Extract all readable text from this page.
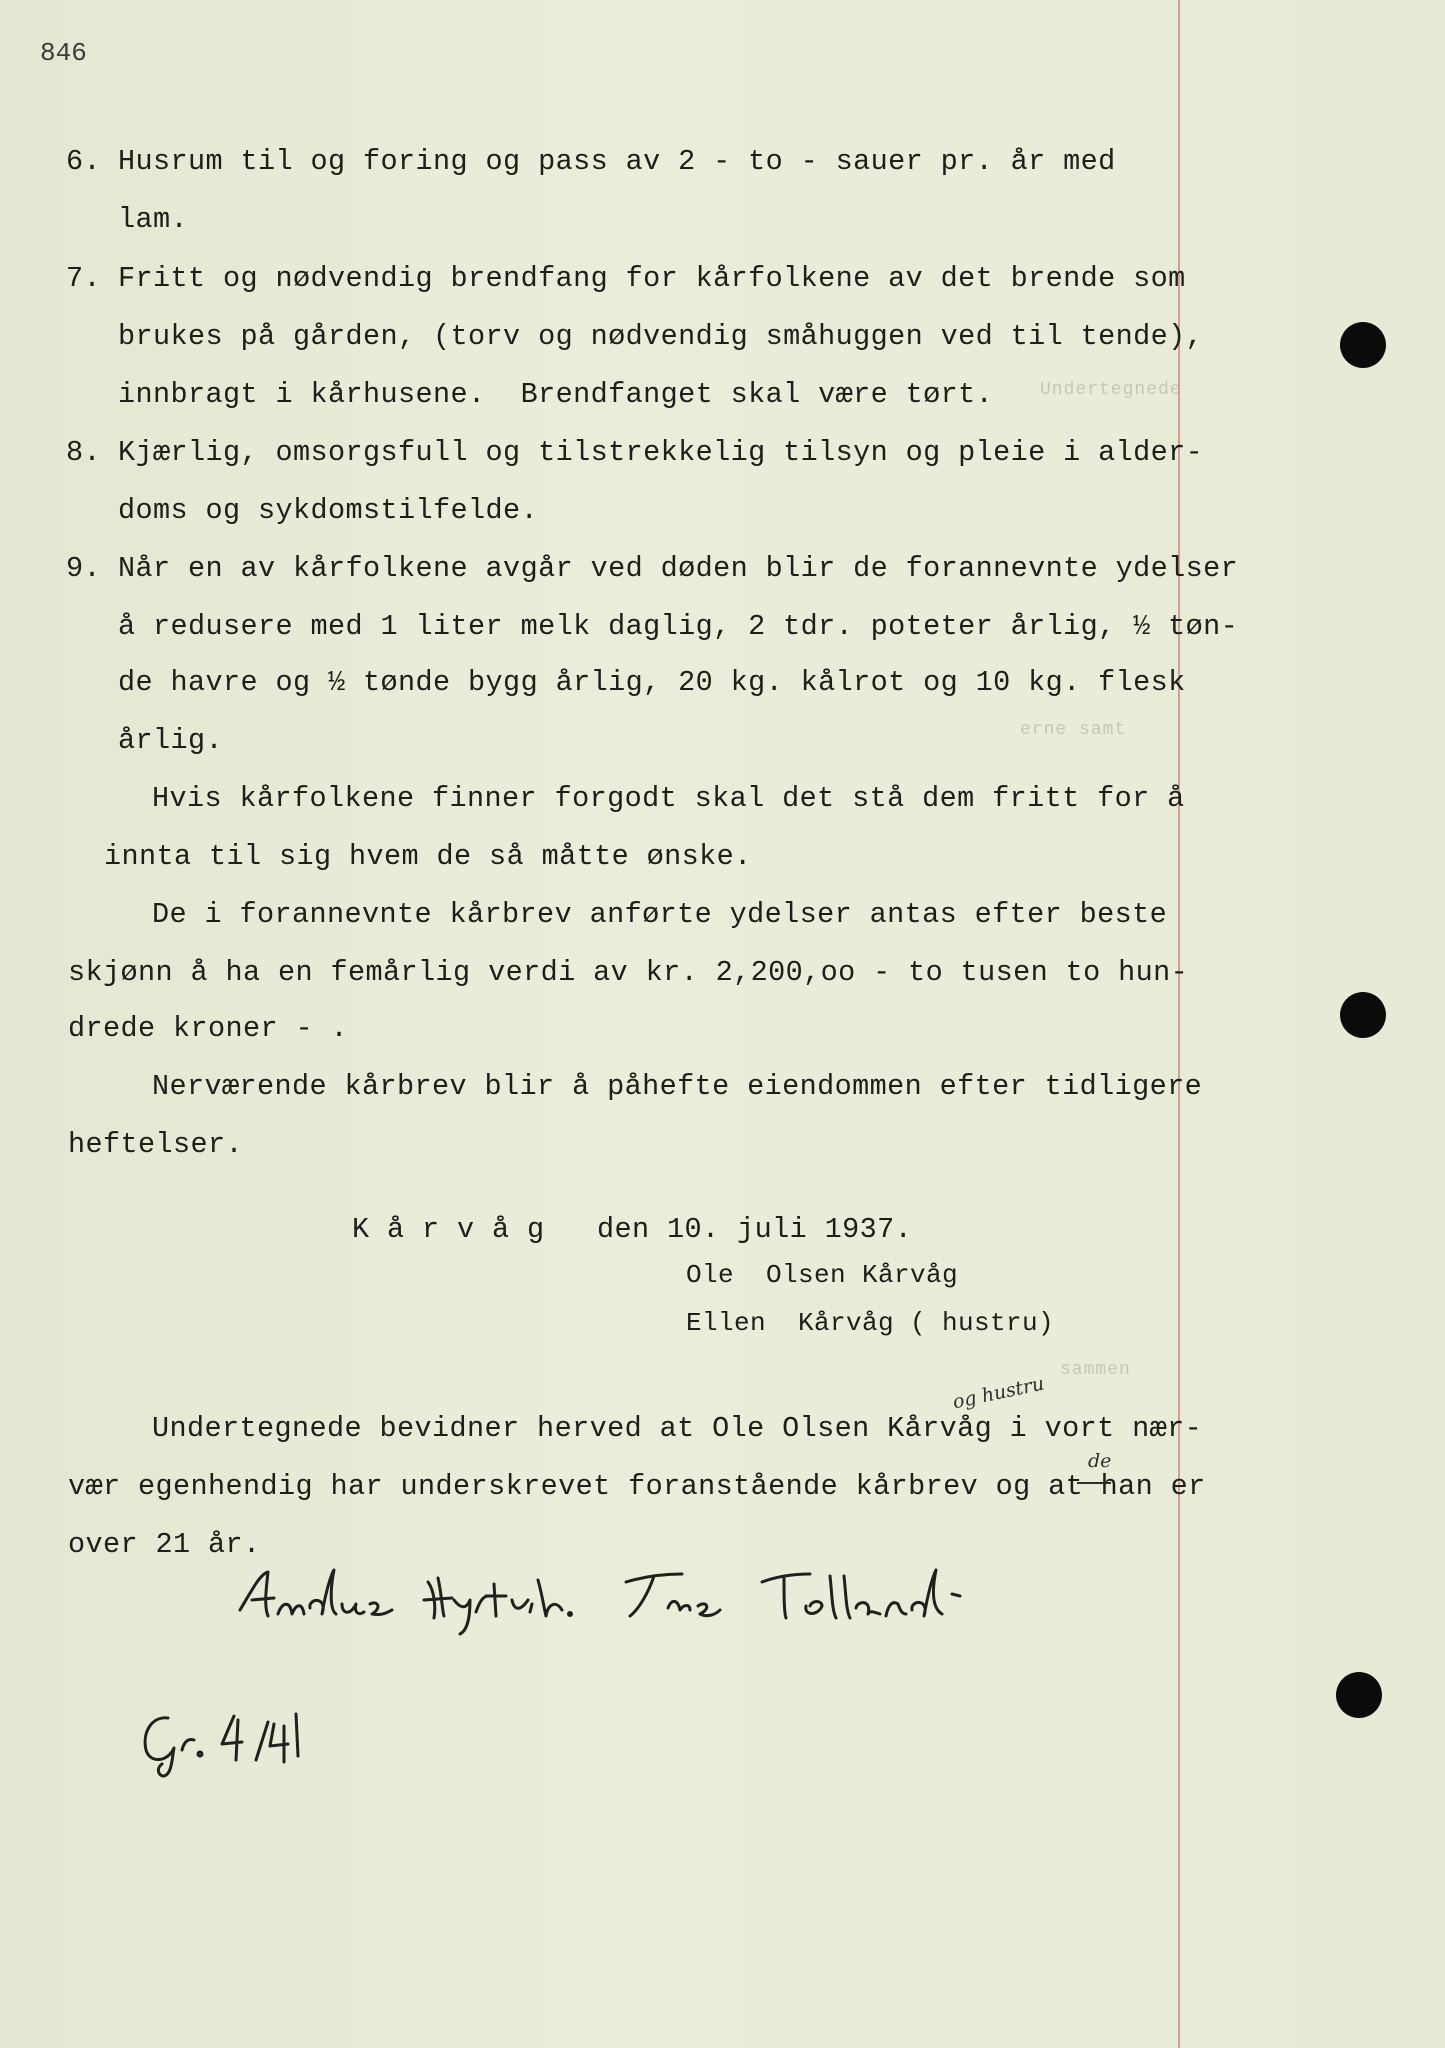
Undertegnede
erne samt
sammen
846
6. Husrum til og foring og pass av 2 - to - sauer pr. år med
lam.
7. Fritt og nødvendig brendfang for kårfolkene av det brende som
brukes på gården, (torv og nødvendig småhuggen ved til tende),
innbragt i kårhusene.  Brendfanget skal være tørt.
8. Kjærlig, omsorgsfull og tilstrekkelig tilsyn og pleie i alder-
doms og sykdomstilfelde.
9. Når en av kårfolkene avgår ved døden blir de forannevnte ydelser
å redusere med 1 liter melk daglig, 2 tdr. poteter årlig, ½ tøn-
de havre og ½ tønde bygg årlig, 20 kg. kålrot og 10 kg. flesk
årlig.
Hvis kårfolkene finner forgodt skal det stå dem fritt for å
innta til sig hvem de så måtte ønske.
De i forannevnte kårbrev anførte ydelser antas efter beste
skjønn å ha en femårlig verdi av kr. 2,200,oo - to tusen to hun-
drede kroner - .
Nerværende kårbrev blir å påhefte eiendommen efter tidligere
heftelser.
K å r v å g   den 10. juli 1937.
Ole  Olsen Kårvåg
Ellen  Kårvåg ( hustru)
Undertegnede bevidner herved at Ole Olsen Kårvåg i vort nær-
vær egenhendig har underskrevet foranstående kårbrev og at han er
over 21 år.
og hustru
de
